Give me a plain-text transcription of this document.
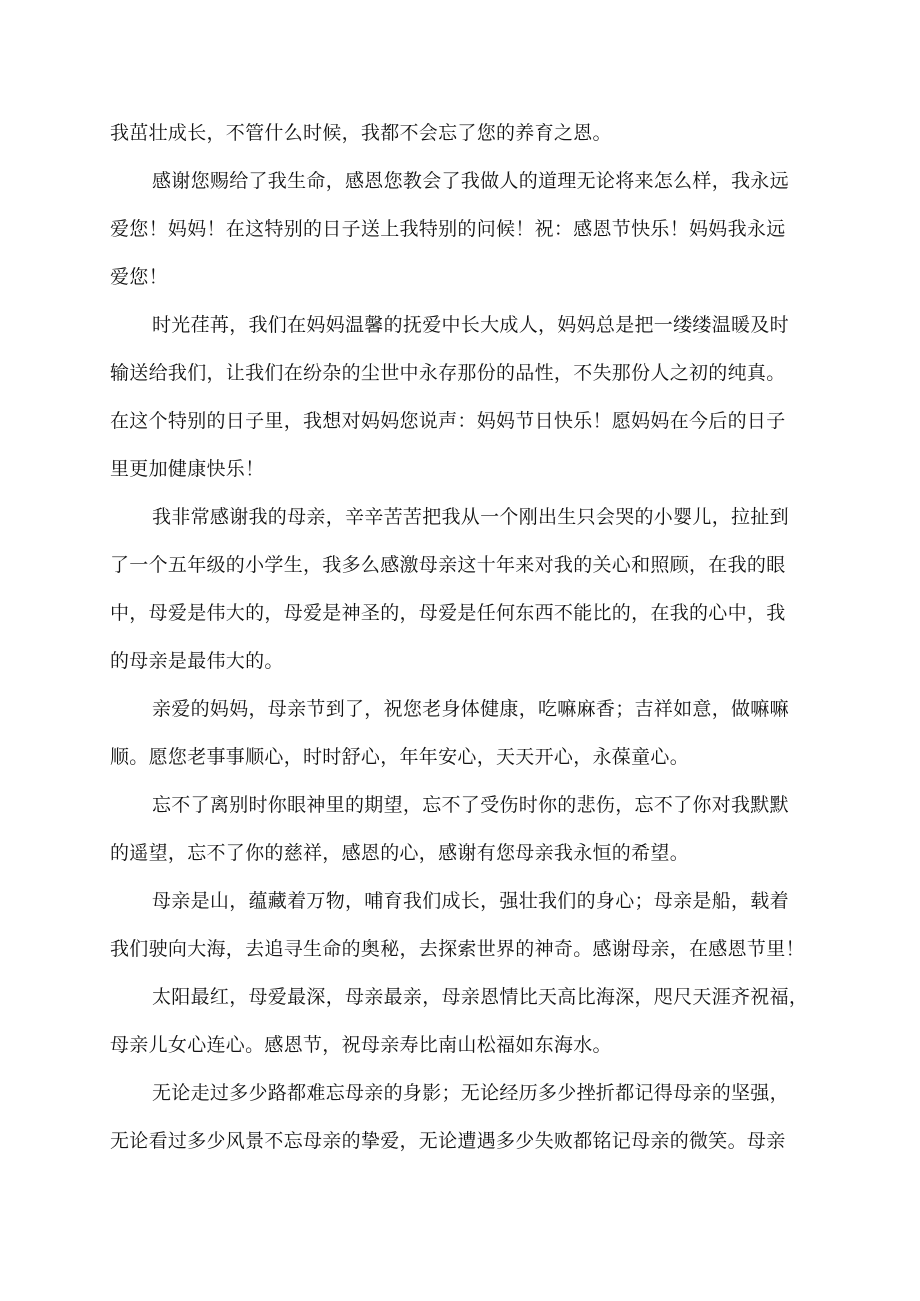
我茁壮成长，不管什么时候，我都不会忘了您的养育之恩。
感谢您赐给了我生命，感恩您教会了我做人的道理无论将来怎么样，我永远
爱您！妈妈！在这特别的日子送上我特别的问候！祝：感恩节快乐！妈妈我永远
爱您！
时光荏苒，我们在妈妈温馨的抚爱中长大成人，妈妈总是把一缕缕温暖及时
输送给我们，让我们在纷杂的尘世中永存那份的品性，不失那份人之初的纯真。
在这个特别的日子里，我想对妈妈您说声：妈妈节日快乐！愿妈妈在今后的日子
里更加健康快乐！
我非常感谢我的母亲，辛辛苦苦把我从一个刚出生只会哭的小婴儿，拉扯到
了一个五年级的小学生，我多么感激母亲这十年来对我的关心和照顾，在我的眼
中，母爱是伟大的，母爱是神圣的，母爱是任何东西不能比的，在我的心中，我
的母亲是最伟大的。
亲爱的妈妈，母亲节到了，祝您老身体健康，吃嘛麻香；吉祥如意，做嘛嘛
顺。愿您老事事顺心，时时舒心，年年安心，天天开心，永葆童心。
忘不了离别时你眼神里的期望，忘不了受伤时你的悲伤，忘不了你对我默默
的遥望，忘不了你的慈祥，感恩的心，感谢有您母亲我永恒的希望。
母亲是山，蕴藏着万物，哺育我们成长，强壮我们的身心；母亲是船，载着
我们驶向大海，去追寻生命的奥秘，去探索世界的神奇。感谢母亲，在感恩节里！
太阳最红，母爱最深，母亲最亲，母亲恩情比天高比海深，咫尺天涯齐祝福，
母亲儿女心连心。感恩节，祝母亲寿比南山松福如东海水。
无论走过多少路都难忘母亲的身影；无论经历多少挫折都记得母亲的坚强，
无论看过多少风景不忘母亲的挚爱，无论遭遇多少失败都铭记母亲的微笑。母亲
